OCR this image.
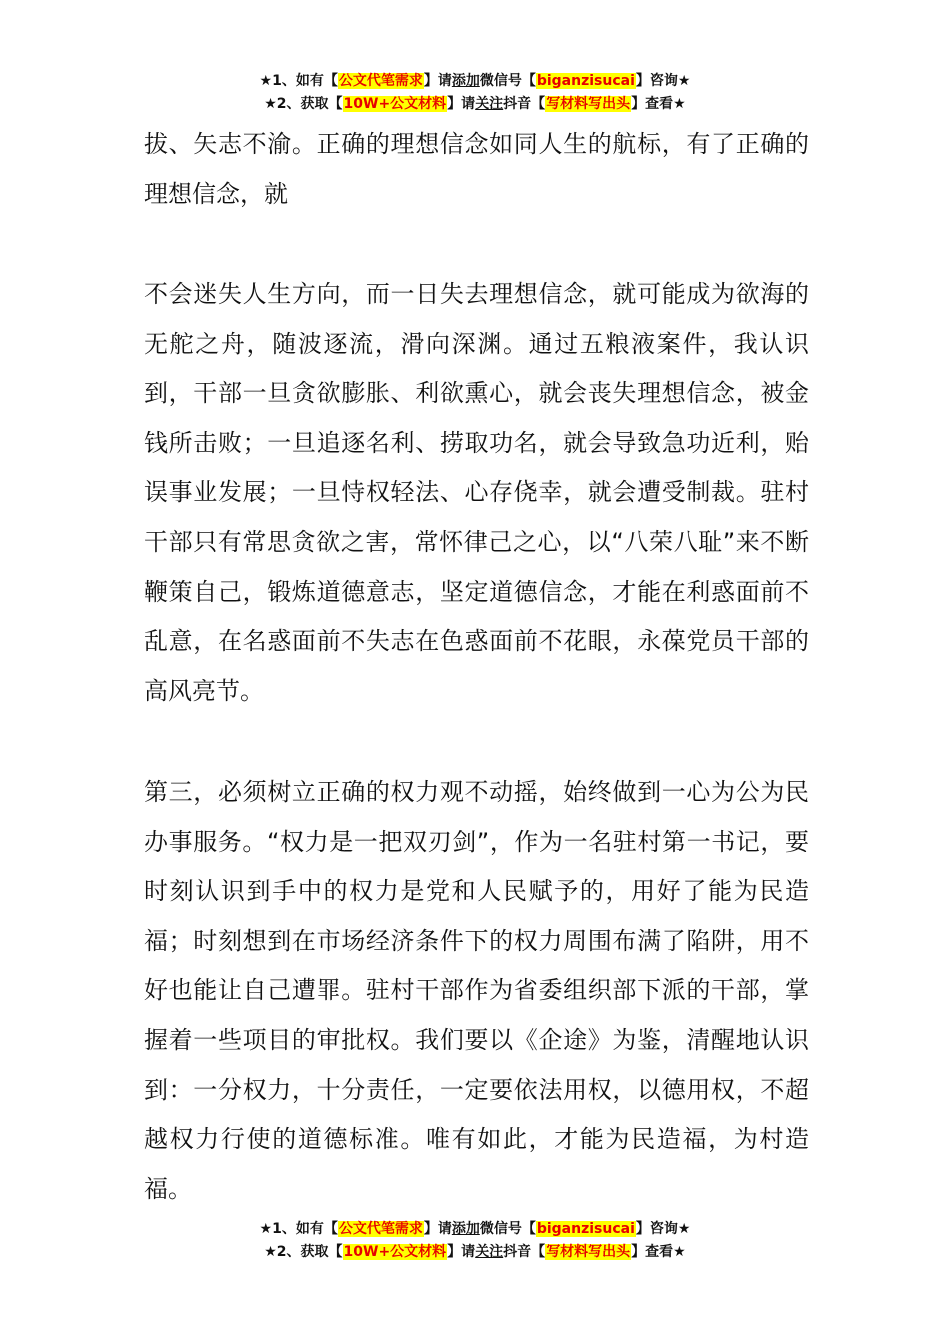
★1、如有【公文代笔需求】请添加微信号【biganzisucai】咨询★
★2、获取【10W+公文材料】请关注抖音【写材料写出头】查看★

拔、矢志不渝。正确的理想信念如同人生的航标，有了正确的理想信念，就

不会迷失人生方向，而一日失去理想信念，就可能成为欲海的无舵之舟，随波逐流，滑向深渊。通过五粮液案件，我认识到，干部一旦贪欲膨胀、利欲熏心，就会丧失理想信念，被金钱所击败；一旦追逐名利、捞取功名，就会导致急功近利，贻误事业发展；一旦恃权轻法、心存侥幸，就会遭受制裁。驻村干部只有常思贪欲之害，常怀律己之心，以“八荣八耻”来不断鞭策自己，锻炼道德意志，坚定道德信念，才能在利惑面前不乱意，在名惑面前不失志在色惑面前不花眼，永葆党员干部的高风亮节。

第三，必须树立正确的权力观不动摇，始终做到一心为公为民办事服务。“权力是一把双刃剑”，作为一名驻村第一书记，要时刻认识到手中的权力是党和人民赋予的，用好了能为民造福；时刻想到在市场经济条件下的权力周围布满了陷阱，用不好也能让自己遭罪。驻村干部作为省委组织部下派的干部，掌握着一些项目的审批权。我们要以《企途》为鉴，清醒地认识到：一分权力，十分责任，一定要依法用权，以德用权，不超越权力行使的道德标准。唯有如此，才能为民造福，为村造福。

★1、如有【公文代笔需求】请添加微信号【biganzisucai】咨询★
★2、获取【10W+公文材料】请关注抖音【写材料写出头】查看★
